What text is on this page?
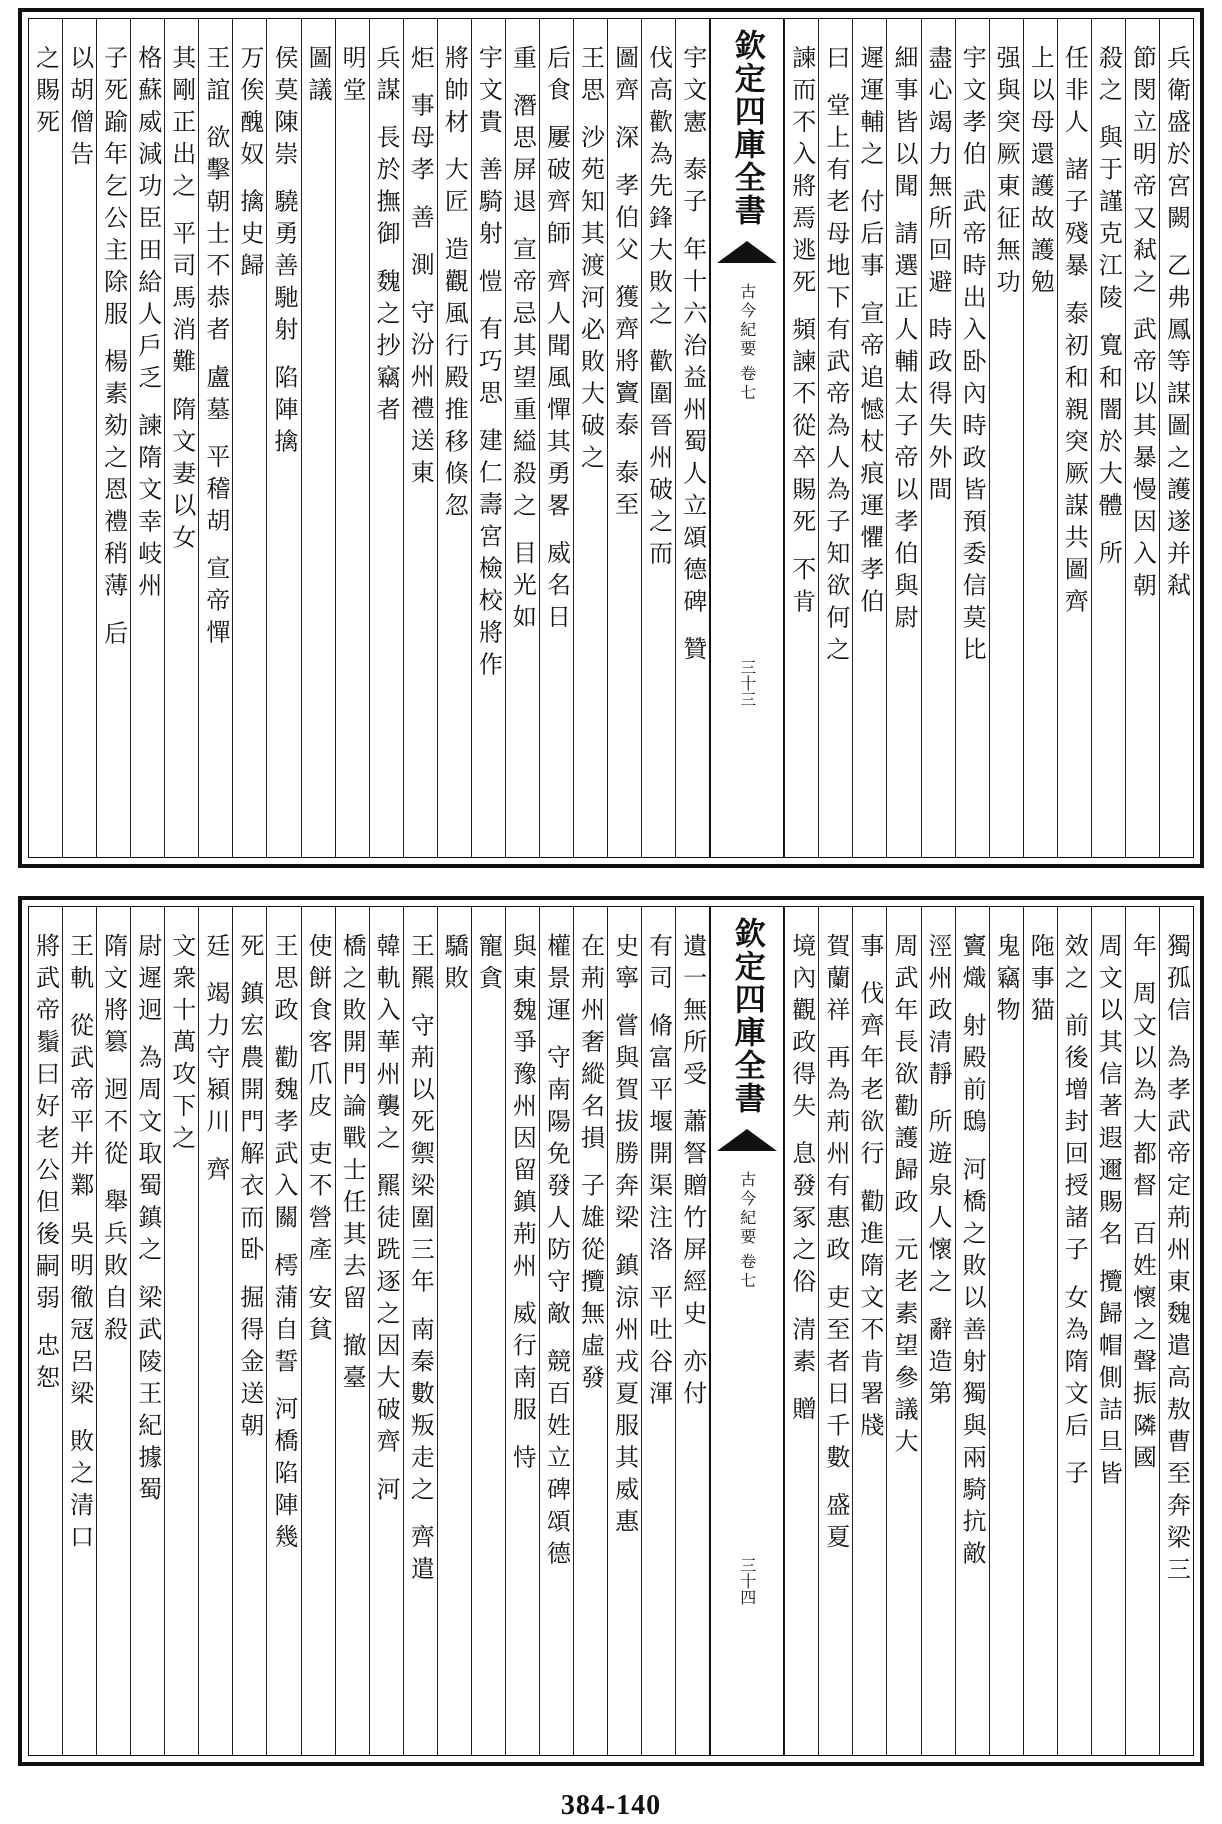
兵衛盛於宮闕 乙弗鳳等謀圖之護遂并弒
節閔立明帝又弒之 武帝以其暴慢因入朝
殺之 與于謹克江陵 寬和闇於大體 所
任非人 諸子殘暴 泰初和親突厥謀共圖齊
上以母還護故護勉
强與突厥東征無功
宇文孝伯 武帝時出入卧內時政皆預委信莫比
盡心竭力無所回避 時政得失外間
細事皆以聞 請選正人輔太子帝以孝伯與尉
遲運輔之 付后事 宣帝追憾杖痕運懼孝伯
曰 堂上有老母地下有武帝為人為子知欲何之
諫而不入將焉逃死 頻諫不從卒賜死 不肯
欽定四庫全書
古今紀要
卷七
三十三
宇文憲 泰子 年十六治益州蜀人立頌德碑 贊
伐高歡為先鋒大敗之 歡圍晉州破之而
圖齊 深 孝伯父 獲齊將竇泰 泰至
王思 沙苑知其渡河必敗大破之
后食 屢破齊師 齊人聞風憚其勇畧 威名日
重 潛思屏退 宣帝忌其望重縊殺之 目光如
宇文貴 善騎射 愷 有巧思 建仁壽宮檢校將作
將帥材 大匠 造觀風行殿推移倏忽
炬 事母孝 善 測 守汾州禮送東
兵謀 長於撫御 魏之抄竊者
明堂
圖議
侯莫陳崇 驍勇善馳射 陷陣擒
万俟醜奴 擒史歸
王誼 欲擊朝士不恭者 盧墓 平稽胡 宣帝憚
其剛正出之 平司馬消難 隋文妻以女
格蘇威減功臣田給人戶乏 諫隋文幸岐州
子死踰年乞公主除服 楊素劾之恩禮稍薄 后
以胡僧告
之賜死
獨孤信 為孝武帝定荊州東魏遣高敖曹至奔梁三
年 周文以為大都督 百姓懷之聲振隣國
周文以其信著遐邇賜名 攬歸帽側詰旦皆
效之 前後增封回授諸子 女為隋文后 子
陁事猫
鬼竊物
竇熾 射殿前鴟 河橋之敗以善射獨與兩騎抗敵
涇州政清靜 所遊泉人懷之 辭造第
周武年長欲勸護歸政 元老素望參議大
事 伐齊年老欲行 勸進隋文不肯署牋
賀蘭祥 再為荊州有惠政 吏至者日千數 盛夏
境內觀政得失 息發冢之俗 清素 贈
欽定四庫全書
古今紀要
卷七
三十四
遺一無所受 蕭詧贈竹屏經史 亦付
有司 脩富平堰開渠注洛 平吐谷渾
史寧 嘗與賀拔勝奔梁 鎮涼州戎夏服其威惠
在荊州奢縱名損 子雄從攬無虛發
權景運 守南陽免發人防守敵 競百姓立碑頌德
與東魏爭豫州因留鎮荊州 威行南服 恃
寵貪
驕敗
王羆 守荊以死禦梁圍三年 南秦數叛走之 齊遣
韓軌入華州襲之 羆徒跣逐之因大破齊 河
橋之敗開門論戰士任其去留 撤臺
使餅食客爪皮 吏不營產 安貧
王思政 勸魏孝武入關 樗蒲自誓 河橋陷陣幾
死 鎮宏農開門解衣而卧 掘得金送朝
廷 竭力守潁川 齊
文衆十萬攻下之
尉遲迥 為周文取蜀鎮之 梁武陵王紀據蜀
隋文將篡 迥不從 舉兵敗自殺
王軌 從武帝平并鄴 吳明徹冦呂梁 敗之清口
將武帝鬚曰好老公但後嗣弱 忠恕
384-140
